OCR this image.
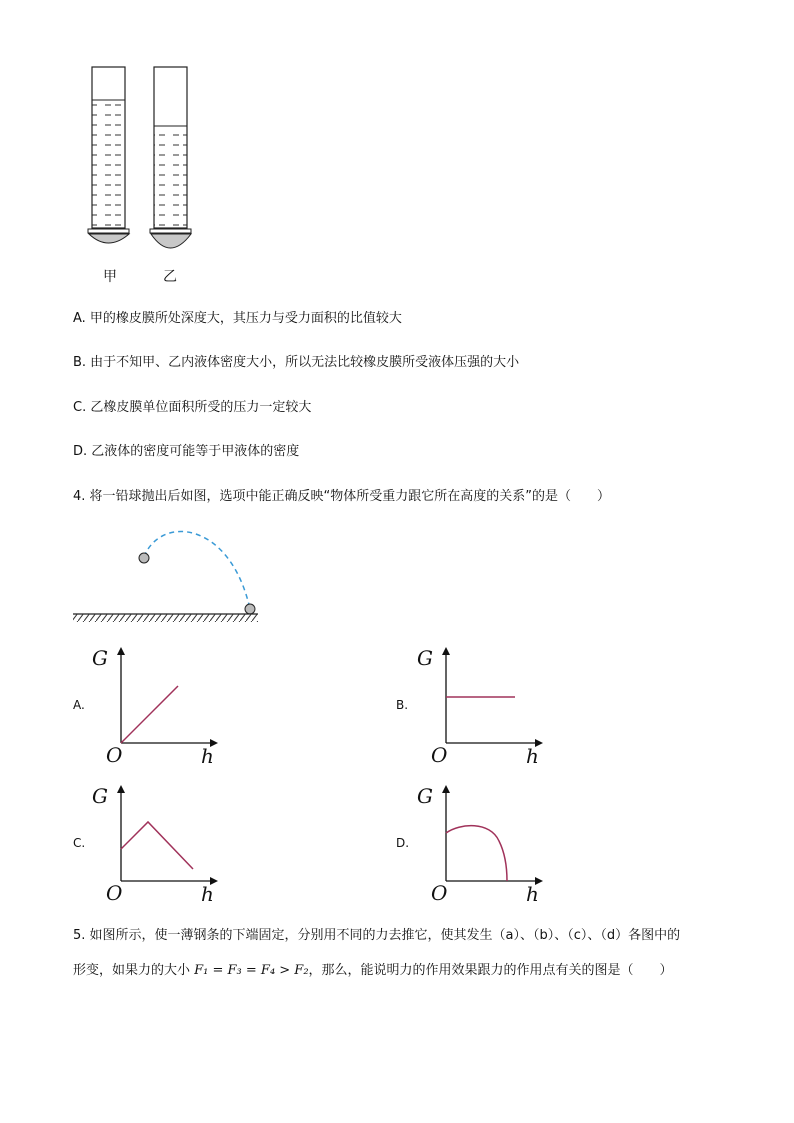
甲	乙
A. 甲的橡皮膜所处深度大，其压力与受力面积的比值较大
B. 由于不知甲、乙内液体密度大小，所以无法比较橡皮膜所受液体压强的大小
C. 乙橡皮膜单位面积所受的压力一定较大
D. 乙液体的密度可能等于甲液体的密度
4. 将一铅球抛出后如图，选项中能正确反映“物体所受重力跟它所在高度的关系”的是（　　）
A.	B.
C.	D.
G
O	h
G
O	h
G
O	h
G
O	h
5. 如图所示，使一薄钢条的下端固定，分别用不同的力去推它，使其发生（a）、（b）、（c）、（d）各图中的
形变，如果力的大小 F₁ = F₃ = F₄ > F₂，那么，能说明力的作用效果跟力的作用点有关的图是（　　）
